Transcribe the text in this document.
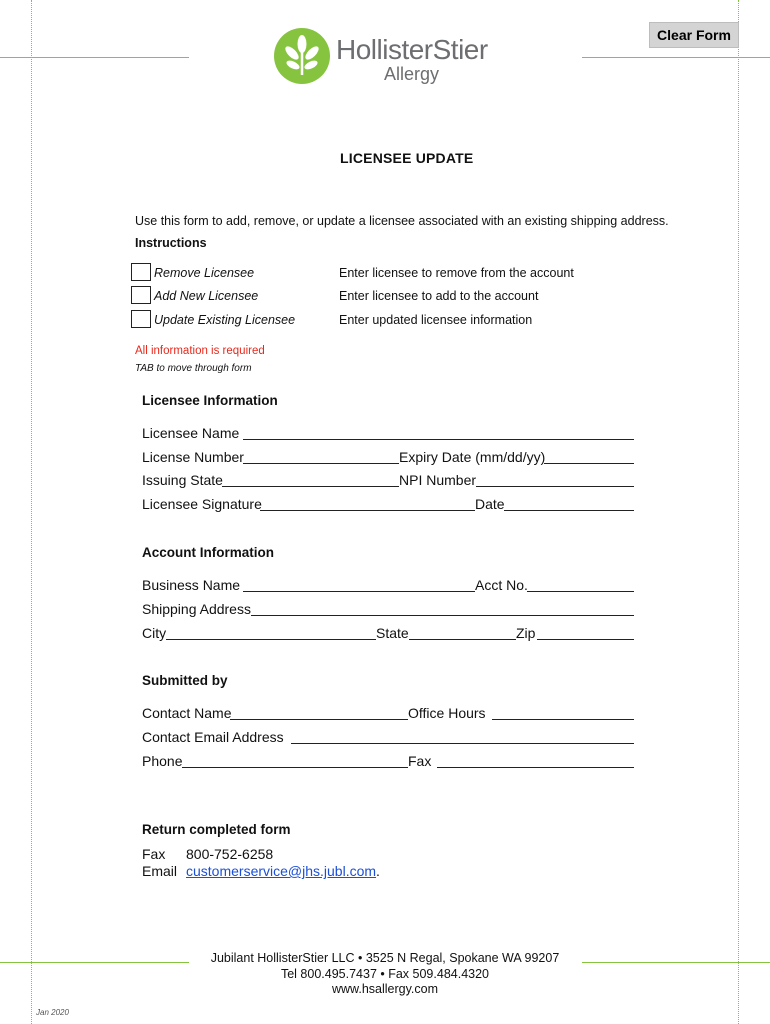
Clear Form
HollisterStier
Allergy
LICENSEE UPDATE
Use this form to add, remove, or update a licensee associated with an existing shipping address.
Instructions
Remove Licensee	Enter licensee to remove from the account
Add New Licensee	Enter licensee to add to the account
Update Existing Licensee	Enter updated licensee information
All information is required
TAB to move through form
Licensee Information
Licensee Name
License Number	Expiry Date (mm/dd/yy)
Issuing State	NPI Number
Licensee Signature	Date
Account Information
Business Name	Acct No.
Shipping Address
City	State	Zip
Submitted by
Contact Name	Office Hours
Contact Email Address
Phone	Fax
Return completed form
Fax 800-752-6258
Email customerservice@jhs.jubl.com.
Jubilant HollisterStier LLC • 3525 N Regal, Spokane WA 99207
Tel 800.495.7437 • Fax 509.484.4320
www.hsallergy.com
Jan 2020
